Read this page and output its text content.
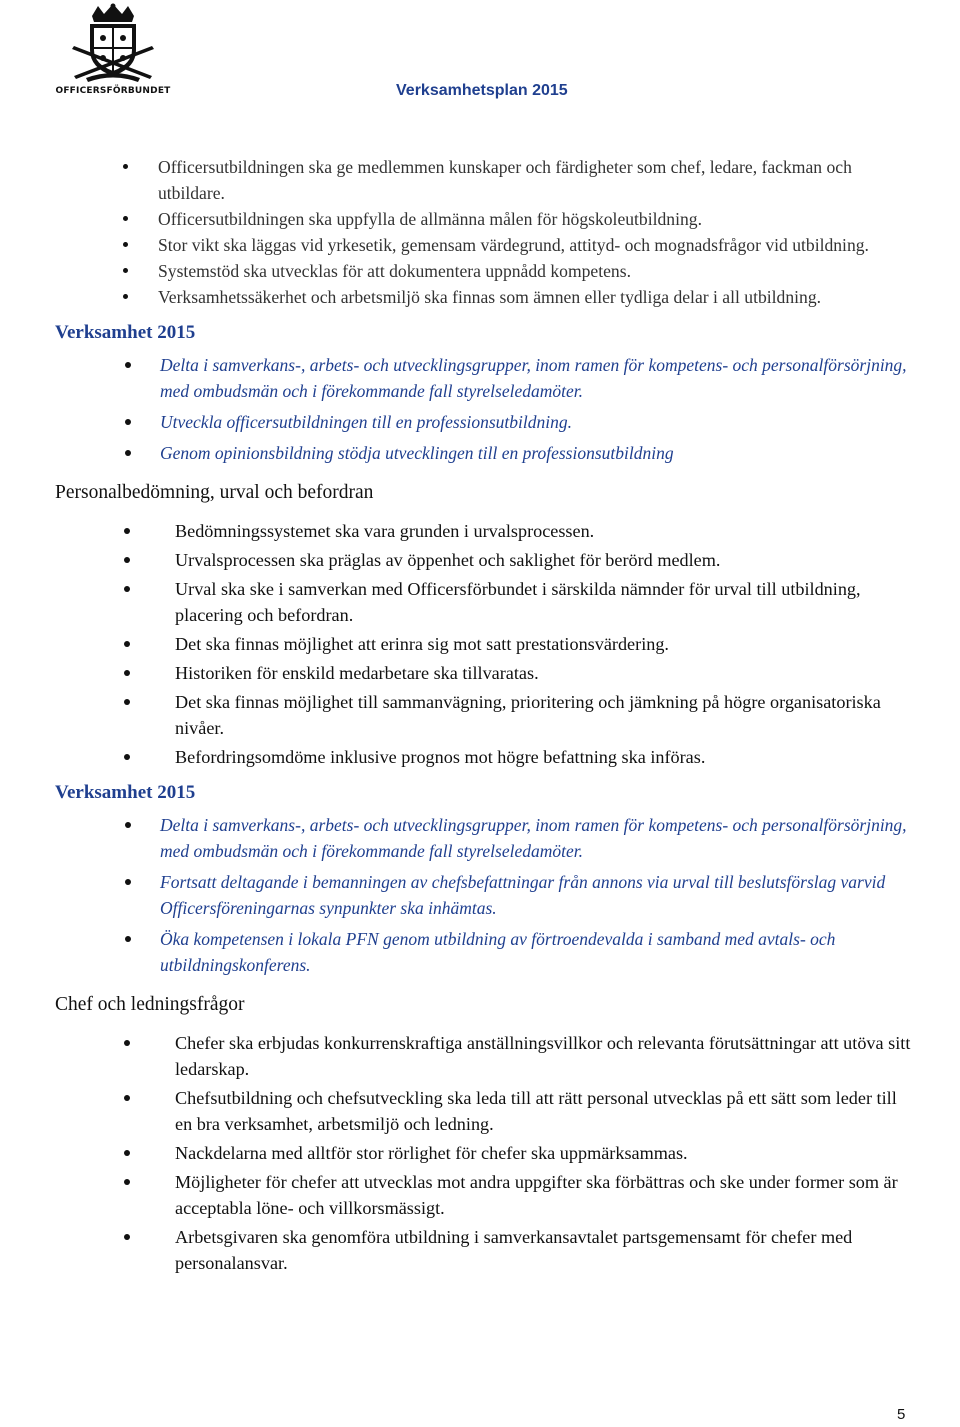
OFFICERSFÖRBUNDET	Verksamhetsplan 2015
Officersutbildningen ska ge medlemmen kunskaper och färdigheter som chef, ledare, fackman och utbildare.
Officersutbildningen ska uppfylla de allmänna målen för högskoleutbildning.
Stor vikt ska läggas vid yrkesetik, gemensam värdegrund, attityd- och mognadsfrågor vid utbildning.
Systemstöd ska utvecklas för att dokumentera uppnådd kompetens.
Verksamhetssäkerhet och arbetsmiljö ska finnas som ämnen eller tydliga delar i all utbildning.
Verksamhet 2015
Delta i samverkans-, arbets- och utvecklingsgrupper, inom ramen för kompetens- och personalförsörjning, med ombudsmän och i förekommande fall styrelseledamöter.
Utveckla officersutbildningen till en professionsutbildning.
Genom opinionsbildning stödja utvecklingen till en professionsutbildning
Personalbedömning, urval och befordran
Bedömningssystemet ska vara grunden i urvalsprocessen.
Urvalsprocessen ska präglas av öppenhet och saklighet för berörd medlem.
Urval ska ske i samverkan med Officersförbundet i särskilda nämnder för urval till utbildning, placering och befordran.
Det ska finnas möjlighet att erinra sig mot satt prestationsvärdering.
Historiken för enskild medarbetare ska tillvaratas.
Det ska finnas möjlighet till sammanvägning, prioritering och jämkning på högre organisatoriska nivåer.
Befordringsomdöme inklusive prognos mot högre befattning ska införas.
Verksamhet 2015
Delta i samverkans-, arbets- och utvecklingsgrupper, inom ramen för kompetens- och personalförsörjning, med ombudsmän och i förekommande fall styrelseledamöter.
Fortsatt deltagande i bemanningen av chefsbefattningar från annons via urval till beslutsförslag varvid Officersföreningarnas synpunkter ska inhämtas.
Öka kompetensen i lokala PFN genom utbildning av förtroendevalda i samband med avtals- och utbildningskonferens.
Chef och ledningsfrågor
Chefer ska erbjudas konkurrenskraftiga anställningsvillkor och relevanta förutsättningar att utöva sitt ledarskap.
Chefsutbildning och chefsutveckling ska leda till att rätt personal utvecklas på ett sätt som leder till en bra verksamhet, arbetsmiljö och ledning.
Nackdelarna med alltför stor rörlighet för chefer ska uppmärksammas.
Möjligheter för chefer att utvecklas mot andra uppgifter ska förbättras och ske under former som är acceptabla löne- och villkorsmässigt.
Arbetsgivaren ska genomföra utbildning i samverkansavtalet partsgemensamt för chefer med personalansvar.
5
